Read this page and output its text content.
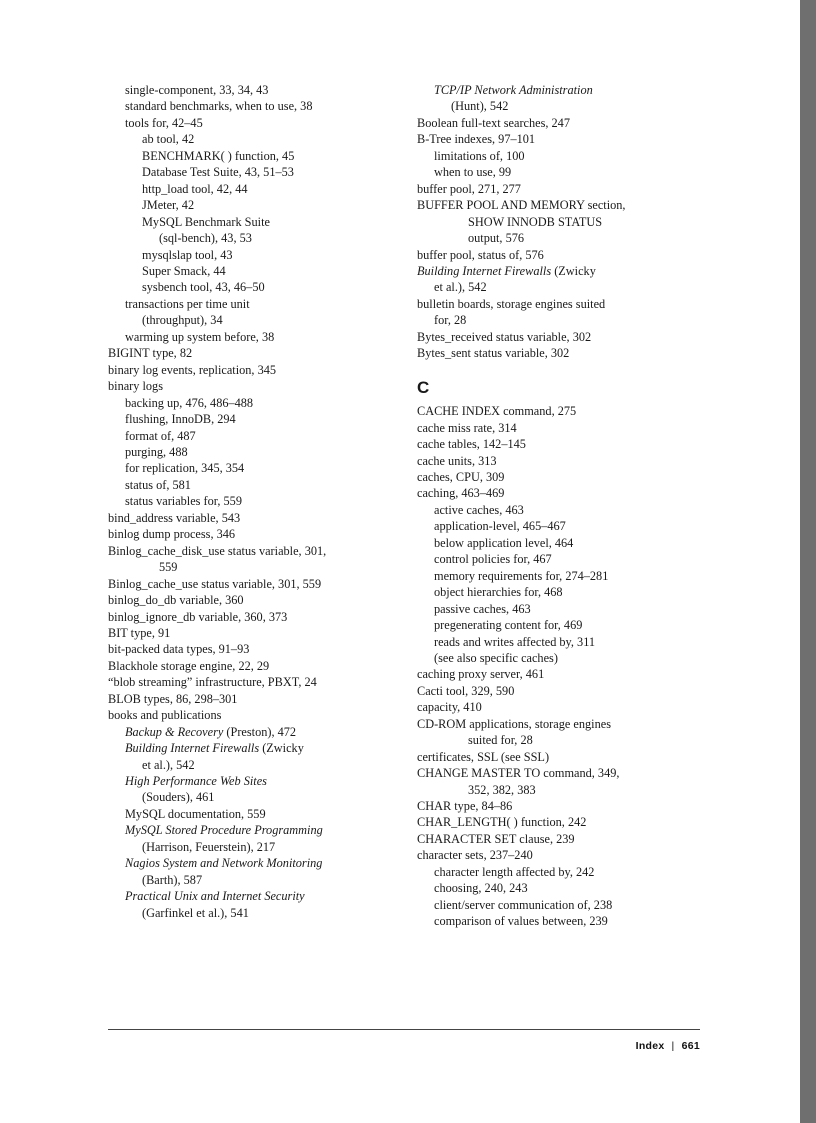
single-component, 33, 34, 43
standard benchmarks, when to use, 38
tools for, 42–45
ab tool, 42
BENCHMARK( ) function, 45
Database Test Suite, 43, 51–53
http_load tool, 42, 44
JMeter, 42
MySQL Benchmark Suite
(sql-bench), 43, 53
mysqlslap tool, 43
Super Smack, 44
sysbench tool, 43, 46–50
transactions per time unit
(throughput), 34
warming up system before, 38
BIGINT type, 82
binary log events, replication, 345
binary logs
backing up, 476, 486–488
flushing, InnoDB, 294
format of, 487
purging, 488
for replication, 345, 354
status of, 581
status variables for, 559
bind_address variable, 543
binlog dump process, 346
Binlog_cache_disk_use status variable, 301,
559
Binlog_cache_use status variable, 301, 559
binlog_do_db variable, 360
binlog_ignore_db variable, 360, 373
BIT type, 91
bit-packed data types, 91–93
Blackhole storage engine, 22, 29
“blob streaming” infrastructure, PBXT, 24
BLOB types, 86, 298–301
books and publications
Backup & Recovery (Preston), 472
Building Internet Firewalls (Zwicky
et al.), 542
High Performance Web Sites
(Souders), 461
MySQL documentation, 559
MySQL Stored Procedure Programming
(Harrison, Feuerstein), 217
Nagios System and Network Monitoring
(Barth), 587
Practical Unix and Internet Security
(Garfinkel et al.), 541
TCP/IP Network Administration
(Hunt), 542
Boolean full-text searches, 247
B-Tree indexes, 97–101
limitations of, 100
when to use, 99
buffer pool, 271, 277
BUFFER POOL AND MEMORY section,
SHOW INNODB STATUS
output, 576
buffer pool, status of, 576
Building Internet Firewalls (Zwicky
et al.), 542
bulletin boards, storage engines suited
for, 28
Bytes_received status variable, 302
Bytes_sent status variable, 302
C
CACHE INDEX command, 275
cache miss rate, 314
cache tables, 142–145
cache units, 313
caches, CPU, 309
caching, 463–469
active caches, 463
application-level, 465–467
below application level, 464
control policies for, 467
memory requirements for, 274–281
object hierarchies for, 468
passive caches, 463
pregenerating content for, 469
reads and writes affected by, 311
(see also specific caches)
caching proxy server, 461
Cacti tool, 329, 590
capacity, 410
CD-ROM applications, storage engines
suited for, 28
certificates, SSL (see SSL)
CHANGE MASTER TO command, 349,
352, 382, 383
CHAR type, 84–86
CHAR_LENGTH( ) function, 242
CHARACTER SET clause, 239
character sets, 237–240
character length affected by, 242
choosing, 240, 243
client/server communication of, 238
comparison of values between, 239
Index | 661
